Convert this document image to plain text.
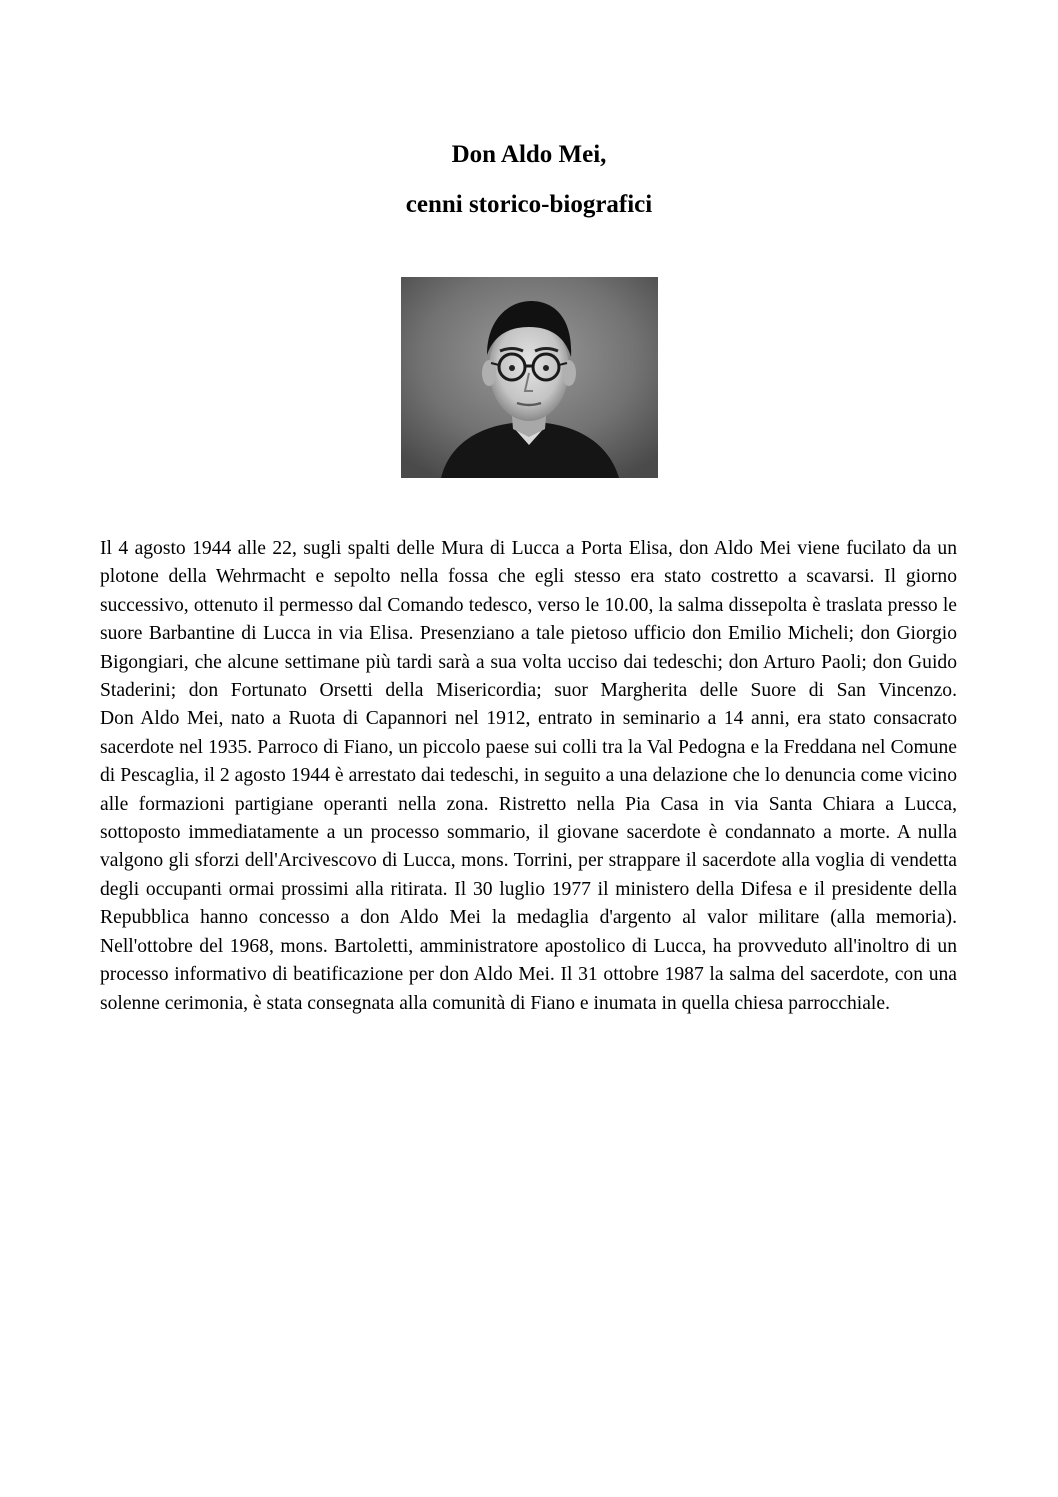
Don Aldo Mei,
cenni storico-biografici

Il 4 agosto 1944 alle 22, sugli spalti delle Mura di Lucca a Porta Elisa, don Aldo Mei viene fucilato da un plotone della Wehrmacht e sepolto nella fossa che egli stesso era stato costretto a scavarsi. Il giorno successivo, ottenuto il permesso dal Comando tedesco, verso le 10.00, la salma dissepolta è traslata presso le suore Barbantine di Lucca in via Elisa. Presenziano a tale pietoso ufficio don Emilio Micheli; don Giorgio Bigongiari, che alcune settimane più tardi sarà a sua volta ucciso dai tedeschi; don Arturo Paoli; don Guido Staderini; don Fortunato Orsetti della Misericordia; suor Margherita delle Suore di San Vincenzo.

Don Aldo Mei, nato a Ruota di Capannori nel 1912, entrato in seminario a 14 anni, era stato consacrato sacerdote nel 1935. Parroco di Fiano, un piccolo paese sui colli tra la Val Pedogna e la Freddana nel Comune di Pescaglia, il 2 agosto 1944 è arrestato dai tedeschi, in seguito a una delazione che lo denuncia come vicino alle formazioni partigiane operanti nella zona. Ristretto nella Pia Casa in via Santa Chiara a Lucca, sottoposto immediatamente a un processo sommario, il giovane sacerdote è condannato a morte. A nulla valgono gli sforzi dell'Arcivescovo di Lucca, mons. Torrini, per strappare il sacerdote alla voglia di vendetta degli occupanti ormai prossimi alla ritirata. Il 30 luglio 1977 il ministero della Difesa e il presidente della Repubblica hanno concesso a don Aldo Mei la medaglia d'argento al valor militare (alla memoria). Nell'ottobre del 1968, mons. Bartoletti, amministratore apostolico di Lucca, ha provveduto all'inoltro di un processo informativo di beatificazione per don Aldo Mei. Il 31 ottobre 1987 la salma del sacerdote, con una solenne cerimonia, è stata consegnata alla comunità di Fiano e inumata in quella chiesa parrocchiale.
